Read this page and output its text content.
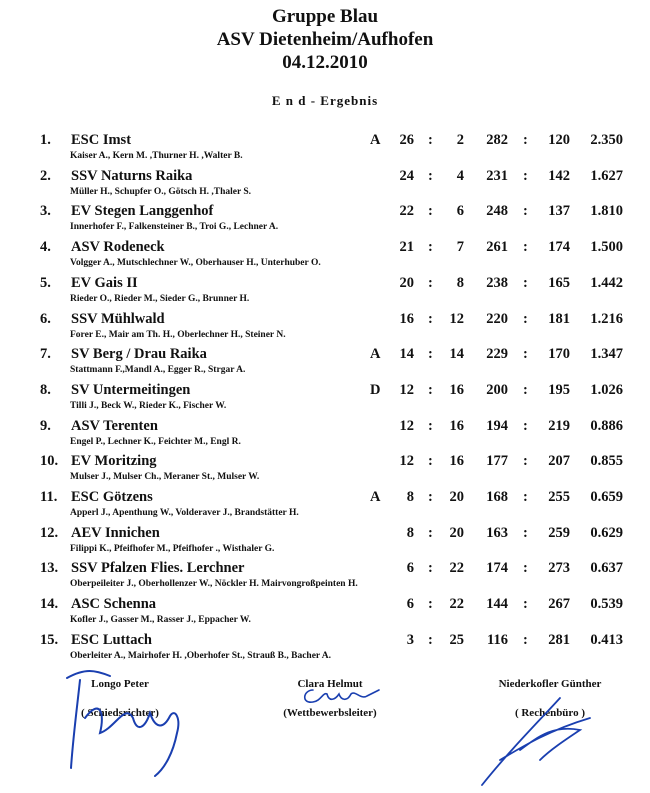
Gruppe Blau
ASV Dietenheim/Aufhofen
04.12.2010
E n d - Ergebnis
1. ESC Imst	A	26 :	2	282 :	120	2.350
Kaiser A., Kern M. ,Thurner H. ,Walter B.
2. SSV Naturns Raika	24 :	4	231 :	142	1.627
Müller H., Schupfer O., Götsch H. ,Thaler S.
3. EV Stegen Langgenhof	22 :	6	248 :	137	1.810
Innerhofer F., Falkensteiner B., Troi G., Lechner A.
4. ASV Rodeneck	21 :	7	261 :	174	1.500
Volgger A., Mutschlechner W., Oberhauser H., Unterhuber O.
5. EV Gais II	20 :	8	238 :	165	1.442
Rieder O., Rieder M., Sieder G., Brunner H.
6. SSV Mühlwald	16 :	12	220 :	181	1.216
Forer E., Mair am Th. H., Oberlechner H., Steiner N.
7. SV Berg / Drau Raika	A	14 :	14	229 :	170	1.347
Stattmann F.,Mandl A., Egger R., Strgar A.
8. SV Untermeitingen	D	12 :	16	200 :	195	1.026
Tilli J., Beck W., Rieder K., Fischer W.
9. ASV Terenten	12 :	16	194 :	219	0.886
Engel P., Lechner K., Feichter M., Engl R.
10. EV Moritzing	12 :	16	177 :	207	0.855
Mulser J., Mulser Ch., Meraner St., Mulser W.
11. ESC Götzens	A	8 :	20	168 :	255	0.659
Apperl J., Apenthung W., Volderaver J., Brandstätter H.
12. AEV Innichen	8 :	20	163 :	259	0.629
Filippi K., Pfeifhofer M., Pfeifhofer ., Wisthaler G.
13. SSV Pfalzen Flies. Lerchner	6 :	22	174 :	273	0.637
Oberpeileiter J., Oberhollenzer W., Nöckler H. Mairvongroßpeinten H.
14. ASC Schenna	6 :	22	144 :	267	0.539
Kofler J., Gasser M., Rasser J., Eppacher W.
15. ESC Luttach	3 :	25	116 :	281	0.413
Oberleiter A., Mairhofer H. ,Oberhofer St., Strauß B., Bacher A.
Longo Peter
( Schiedsrichter)
Clara Helmut
(Wettbewerbsleiter)
Niederkofler Günther
( Rechenbüro )
